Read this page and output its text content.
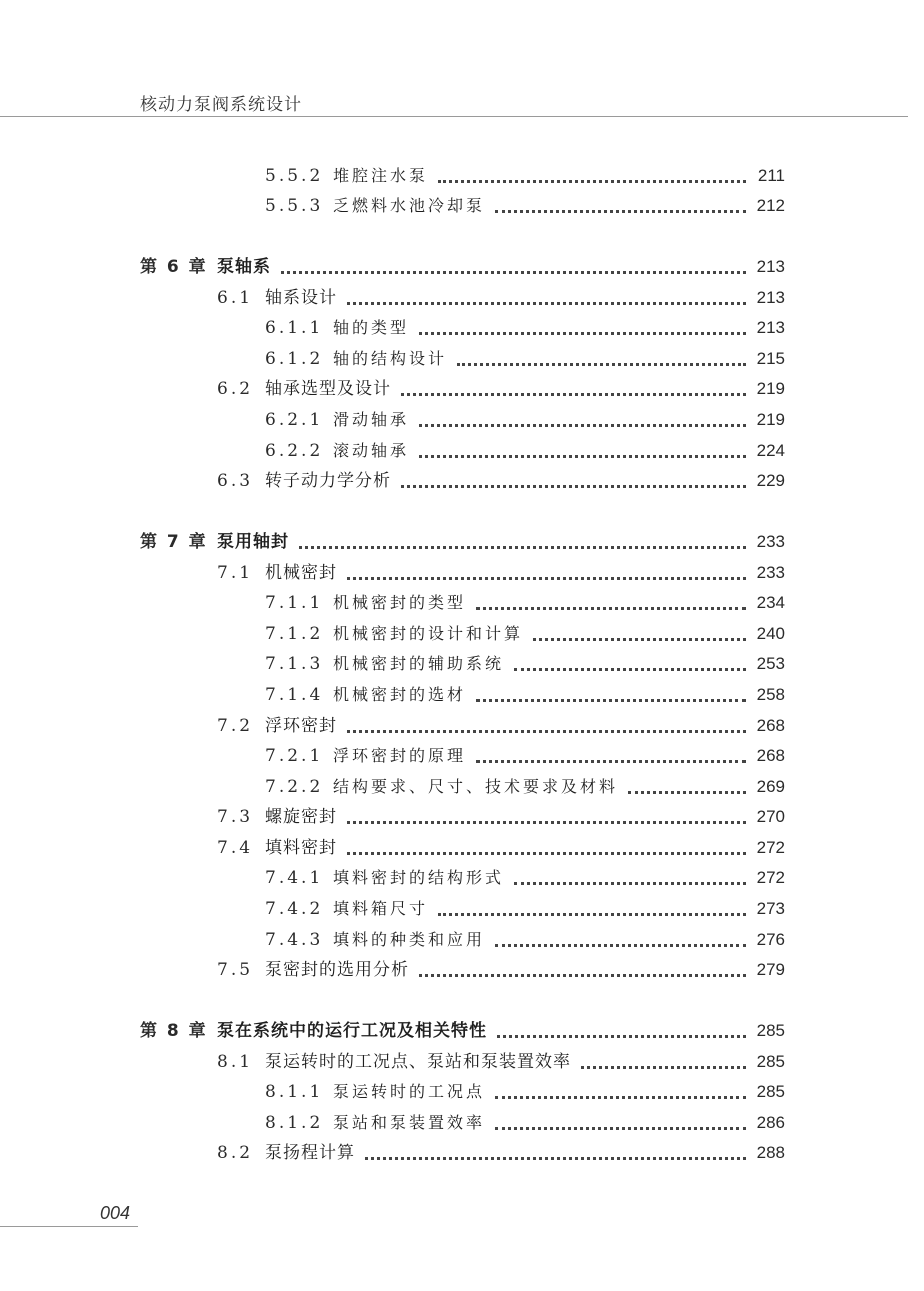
核动力泵阀系统设计
5.5.2 堆腔注水泵	211
5.5.3 乏燃料水池冷却泵	212
第 6 章 泵轴系	213
6.1 轴系设计	213
6.1.1 轴的类型	213
6.1.2 轴的结构设计	215
6.2 轴承选型及设计	219
6.2.1 滑动轴承	219
6.2.2 滚动轴承	224
6.3 转子动力学分析	229
第 7 章 泵用轴封	233
7.1 机械密封	233
7.1.1 机械密封的类型	234
7.1.2 机械密封的设计和计算	240
7.1.3 机械密封的辅助系统	253
7.1.4 机械密封的选材	258
7.2 浮环密封	268
7.2.1 浮环密封的原理	268
7.2.2 结构要求、尺寸、技术要求及材料	269
7.3 螺旋密封	270
7.4 填料密封	272
7.4.1 填料密封的结构形式	272
7.4.2 填料箱尺寸	273
7.4.3 填料的种类和应用	276
7.5 泵密封的选用分析	279
第 8 章 泵在系统中的运行工况及相关特性	285
8.1 泵运转时的工况点、泵站和泵装置效率	285
8.1.1 泵运转时的工况点	285
8.1.2 泵站和泵装置效率	286
8.2 泵扬程计算	288
004
